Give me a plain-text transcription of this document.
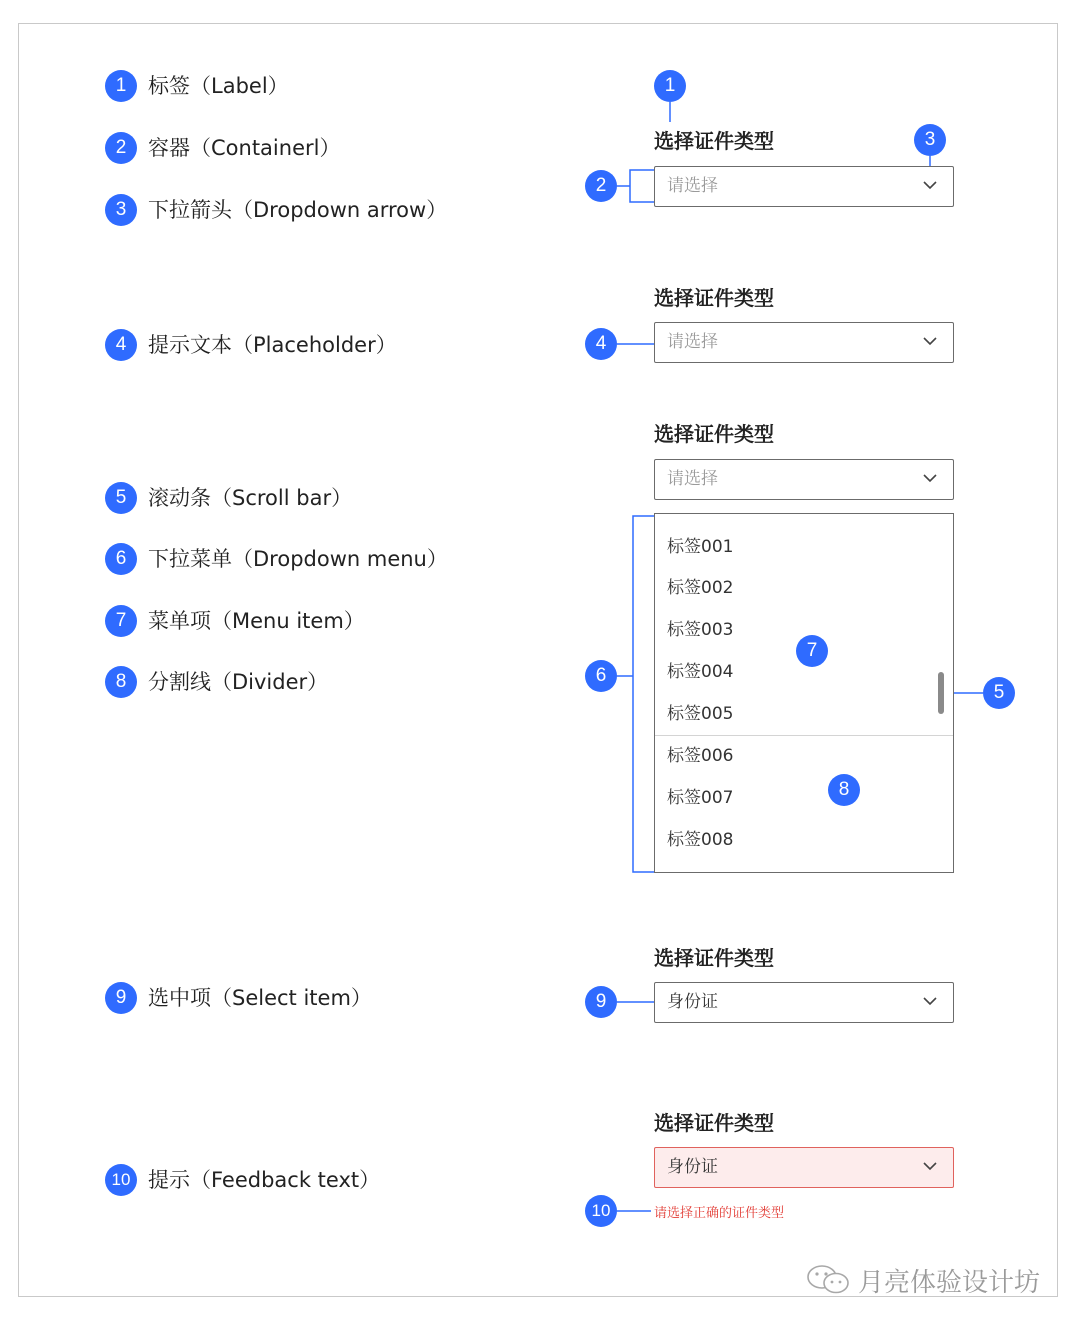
1	标签（Label）
2	容器（Containerl）
3	下拉箭头（Dropdown arrow）
4	提示文本（Placeholder）
5	滚动条（Scroll bar）
6	下拉菜单（Dropdown menu）
7	菜单项（Menu item）
8	分割线（Divider）
9	选中项（Select item）
10 提示（Feedback text）
1
选择证件类型
2
3
请选择
选择证件类型
4	请选择
选择证件类型
请选择
标签001
标签002
标签003
标签004
标签005
标签006
标签007
标签008
6
7
5
8
选择证件类型
9	身份证
选择证件类型
身份证
10	请选择正确的证件类型
月亮体验设计坊
